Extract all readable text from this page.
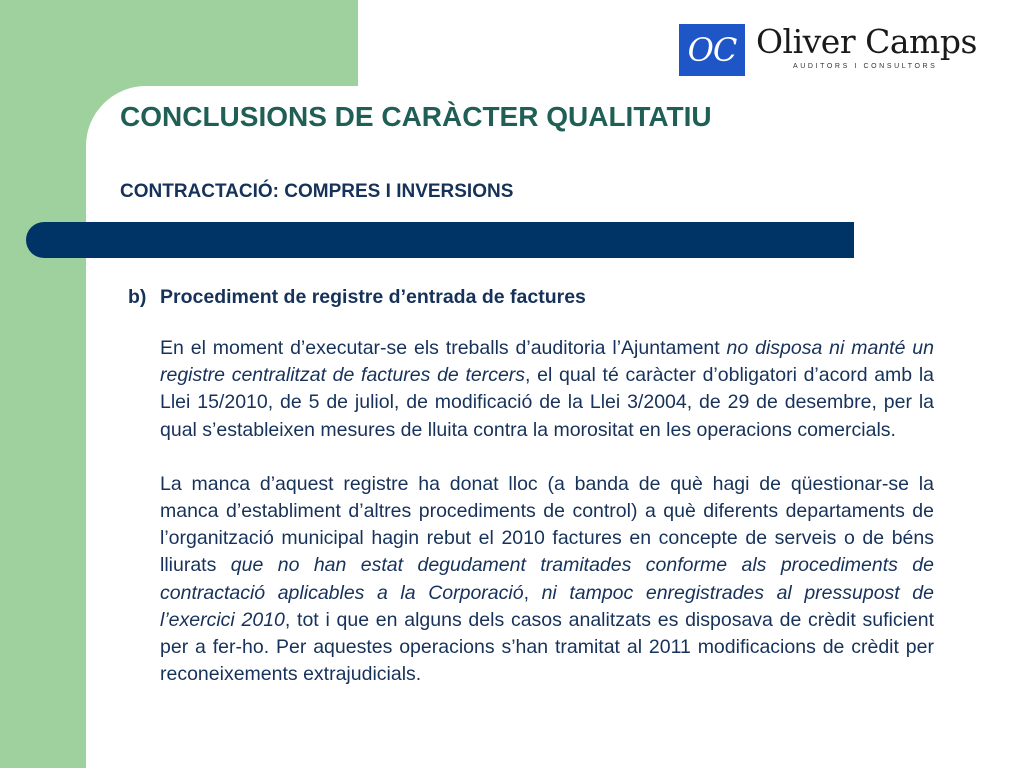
OC Oliver Camps
AUDITORS I CONSULTORS
CONCLUSIONS DE CARÀCTER QUALITATIU
CONTRACTACIÓ: COMPRES I INVERSIONS
b) Procediment de registre d’entrada de factures
En el moment d’executar-se els treballs d’auditoria l’Ajuntament no disposa ni manté un registre centralitzat de factures de tercers, el qual té caràcter d’obligatori d’acord amb la Llei 15/2010, de 5 de juliol, de modificació de la Llei 3/2004, de 29 de desembre, per la qual s’estableixen mesures de lluita contra la morositat en les operacions comercials.
La manca d’aquest registre ha donat lloc (a banda de què hagi de qüestionar-se la manca d’establiment d’altres procediments de control) a què diferents departaments de l’organització municipal hagin rebut el 2010 factures en concepte de serveis o de béns lliurats que no han estat degudament tramitades conforme als procediments de contractació aplicables a la Corporació, ni tampoc enregistrades al pressupost de l’exercici 2010, tot i que en alguns dels casos analitzats es disposava de crèdit suficient per a fer-ho. Per aquestes operacions s’han tramitat al 2011 modificacions de crèdit per reconeixements extrajudicials.
